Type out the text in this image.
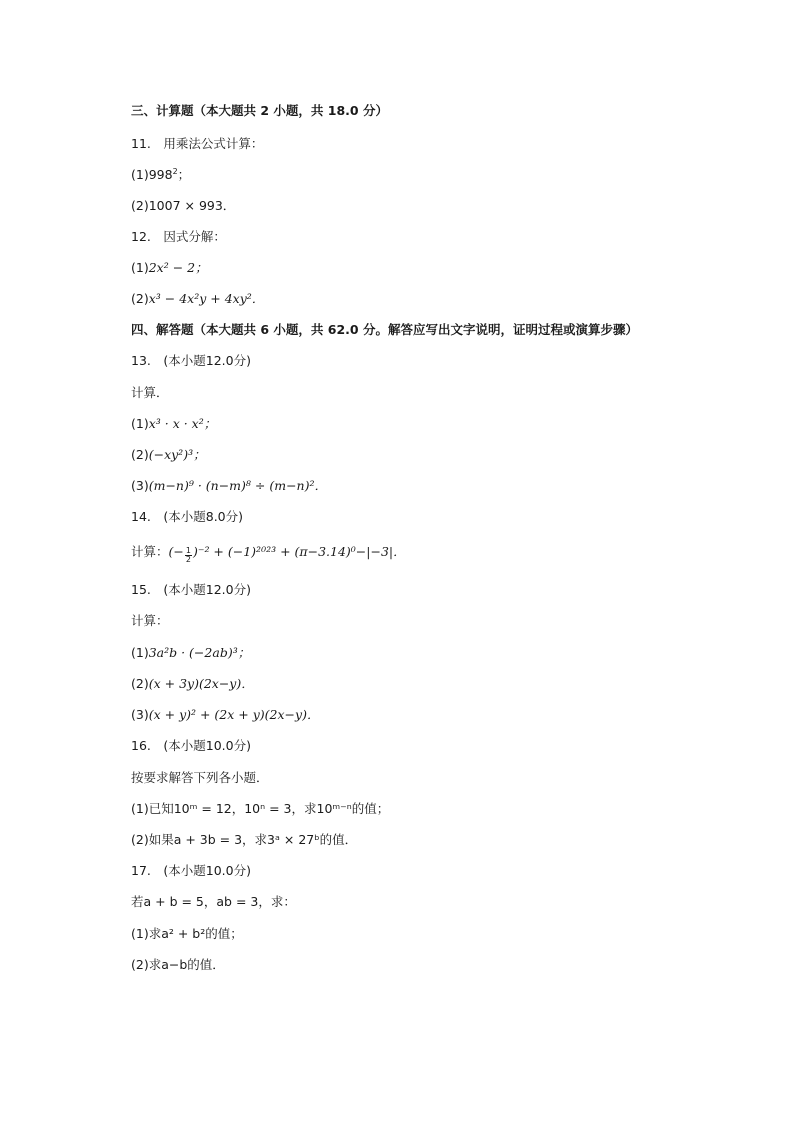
三、计算题（本大题共 2 小题，共 18.0 分）
11.　用乘法公式计算：
$(1)998^2$；
(2)1007 × 993．
12.　因式分解：
(1)2x² − 2；
(2)x³ − 4x²y + 4xy²．
四、解答题（本大题共 6 小题，共 62.0 分。解答应写出文字说明，证明过程或演算步骤）
13.　(本小题12.0分)
计算．
(1)x³ · x · x²；
(2)(−xy²)³；
(3)(m−n)⁹ · (n−m)⁸ ÷ (m−n)²．
14.　(本小题8.0分)
计算：(− $\frac{1}{2} )^{-2} + (-1)^{2023} + (\pi-3.14)^0-|-3|$．
15.　(本小题12.0分)
计算：
(1)3a²b · (−2ab)³；
(2)(x + 3y)(2x−y)．
(3)(x + y)² + (2x + y)(2x−y)．
16.　(本小题10.0分)
按要求解答下列各小题．
(1)已知10ᵐ = 12，10ⁿ = 3，求10ᵐ⁻ⁿ的值；
(2)如果a + 3b = 3，求3ᵃ × 27ᵇ的值．
17.　(本小题10.0分)
若a + b = 5，ab = 3，求：
(1)求a² + b²的值；
(2)求a−b的值．
